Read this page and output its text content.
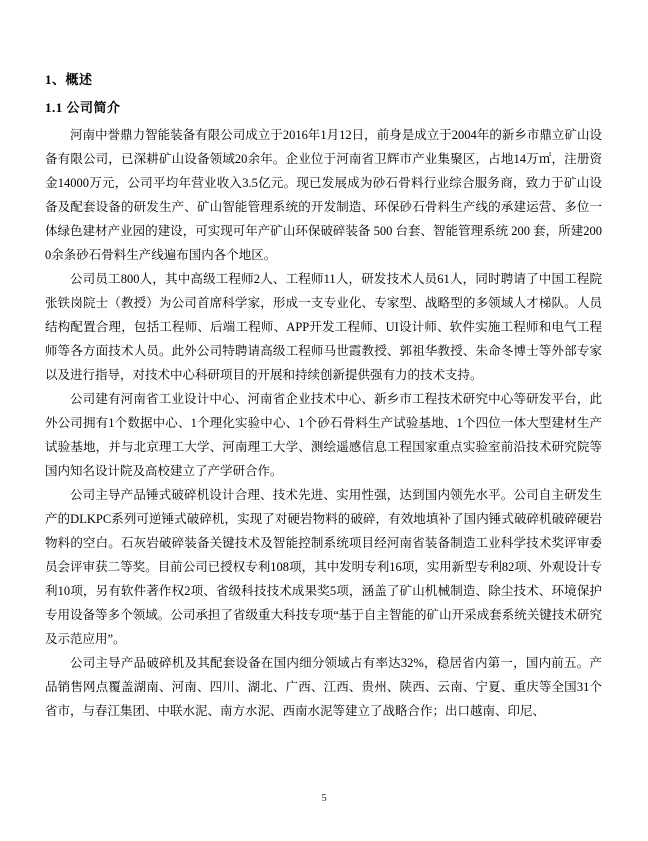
1、概述
1.1 公司简介

河南中誉鼎力智能装备有限公司成立于2016年1月12日，前身是成立于2004年的新乡市鼎立矿山设备有限公司，已深耕矿山设备领域20余年。企业位于河南省卫辉市产业集聚区，占地14万㎡，注册资金14000万元，公司平均年营业收入3.5亿元。现已发展成为砂石骨料行业综合服务商，致力于矿山设备及配套设备的研发生产、矿山智能管理系统的开发制造、环保砂石骨料生产线的承建运营、多位一体绿色建材产业园的建设，可实现可年产矿山环保破碎装备 500 台套、智能管理系统 200 套，所建2000余条砂石骨料生产线遍布国内各个地区。

公司员工800人，其中高级工程师2人、工程师11人，研发技术人员61人，同时聘请了中国工程院张铁岗院士（教授）为公司首席科学家，形成一支专业化、专家型、战略型的多领域人才梯队。人员结构配置合理，包括工程师、后端工程师、APP开发工程师、UI设计师、软件实施工程师和电气工程师等各方面技术人员。此外公司特聘请高级工程师马世霞教授、郭祖华教授、朱命冬博士等外部专家以及进行指导，对技术中心科研项目的开展和持续创新提供强有力的技术支持。

公司建有河南省工业设计中心、河南省企业技术中心、新乡市工程技术研究中心等研发平台，此外公司拥有1个数据中心、1个理化实验中心、1个砂石骨料生产试验基地、1个四位一体大型建材生产试验基地，并与北京理工大学、河南理工大学、测绘遥感信息工程国家重点实验室前沿技术研究院等国内知名设计院及高校建立了产学研合作。

公司主导产品锤式破碎机设计合理、技术先进、实用性强，达到国内领先水平。公司自主研发生产的DLKPC系列可逆锤式破碎机，实现了对硬岩物料的破碎，有效地填补了国内锤式破碎机破碎硬岩物料的空白。石灰岩破碎装备关键技术及智能控制系统项目经河南省装备制造工业科学技术奖评审委员会评审获二等奖。目前公司已授权专利108项，其中发明专利16项，实用新型专利82项、外观设计专利10项，另有软件著作权2项、省级科技技术成果奖5项，涵盖了矿山机械制造、除尘技术、环境保护专用设备等多个领域。公司承担了省级重大科技专项“基于自主智能的矿山开采成套系统关键技术研究及示范应用”。

公司主导产品破碎机及其配套设备在国内细分领域占有率达32%，稳居省内第一，国内前五。产品销售网点覆盖湖南、河南、四川、湖北、广西、江西、贵州、陕西、云南、宁夏、重庆等全国31个省市，与春江集团、中联水泥、南方水泥、西南水泥等建立了战略合作；出口越南、印尼、

5
